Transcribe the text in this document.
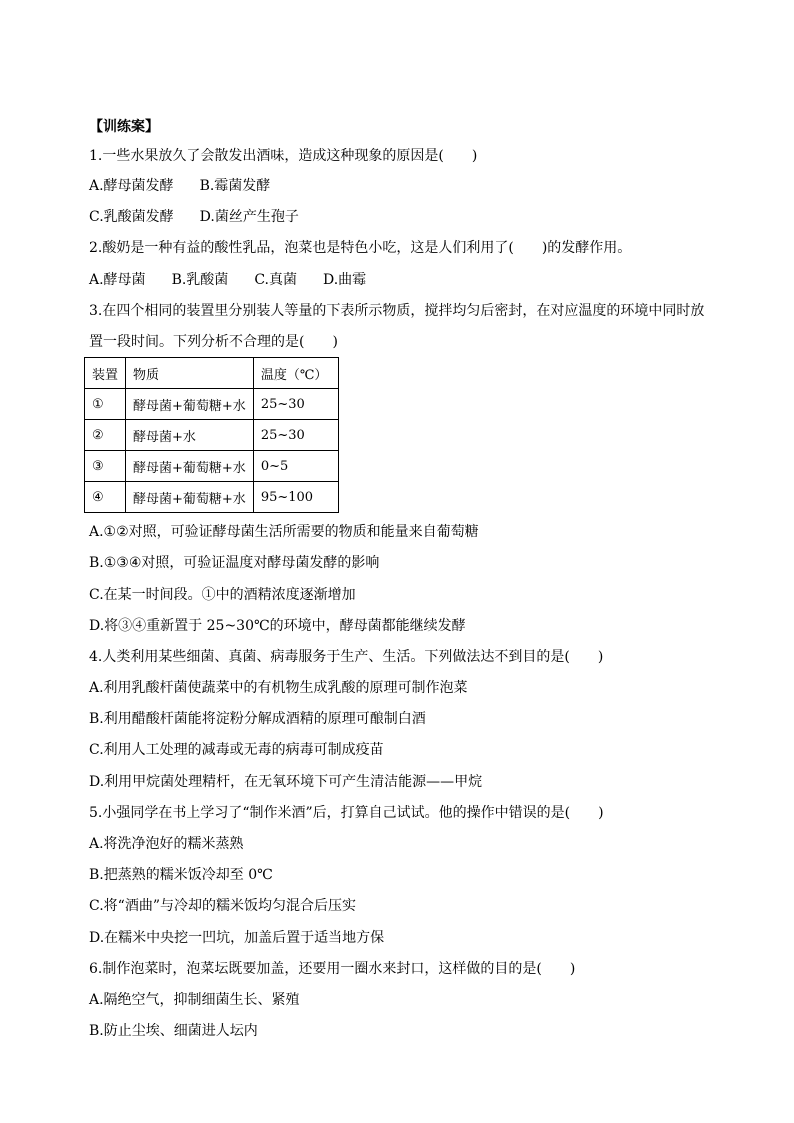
【训练案】
1.一些水果放久了会散发出酒味，造成这种现象的原因是(　　)
A.酵母菌发酵 B.霉菌发酵
C.乳酸菌发酵 D.菌丝产生孢子
2.酸奶是一种有益的酸性乳品，泡菜也是特色小吃，这是人们利用了(　　)的发酵作用。
A.酵母菌 B.乳酸菌 C.真菌 D.曲霉
3.在四个相同的装置里分别装人等量的下表所示物质，搅拌均匀后密封，在对应温度的环境中同时放
置一段时间。下列分析不合理的是(　　)
装置	物质	温度（℃）
①	酵母菌+葡萄糖+水	25~30
②	酵母菌+水	25~30
③	酵母菌+葡萄糖+水	0~5
④	酵母菌+葡萄糖+水	95~100
A.①②对照，可验证酵母菌生活所需要的物质和能量来自葡萄糖
B.①③④对照，可验证温度对酵母菌发酵的影响
C.在某一时间段。①中的酒精浓度逐渐增加
D.将③④重新置于 25~30℃的环境中，酵母菌都能继续发酵
4.人类利用某些细菌、真菌、病毒服务于生产、生活。下列做法达不到目的是(　　)
A.利用乳酸杆菌使蔬菜中的有机物生成乳酸的原理可制作泡菜
B.利用醋酸杆菌能将淀粉分解成酒精的原理可酿制白酒
C.利用人工处理的减毒或无毒的病毒可制成疫苗
D.利用甲烷菌处理精杆，在无氧环境下可产生清洁能源——甲烷
5.小强同学在书上学习了“制作米酒”后，打算自己试试。他的操作中错误的是(　　)
A.将洗净泡好的糯米蒸熟
B.把蒸熟的糯米饭冷却至 0℃
C.将“酒曲”与冷却的糯米饭均匀混合后压实
D.在糯米中央挖一凹坑，加盖后置于适当地方保
6.制作泡菜时，泡菜坛既要加盖，还要用一圈水来封口，这样做的目的是(　　)
A.隔绝空气，抑制细菌生长、紧殖
B.防止尘埃、细菌进人坛内
